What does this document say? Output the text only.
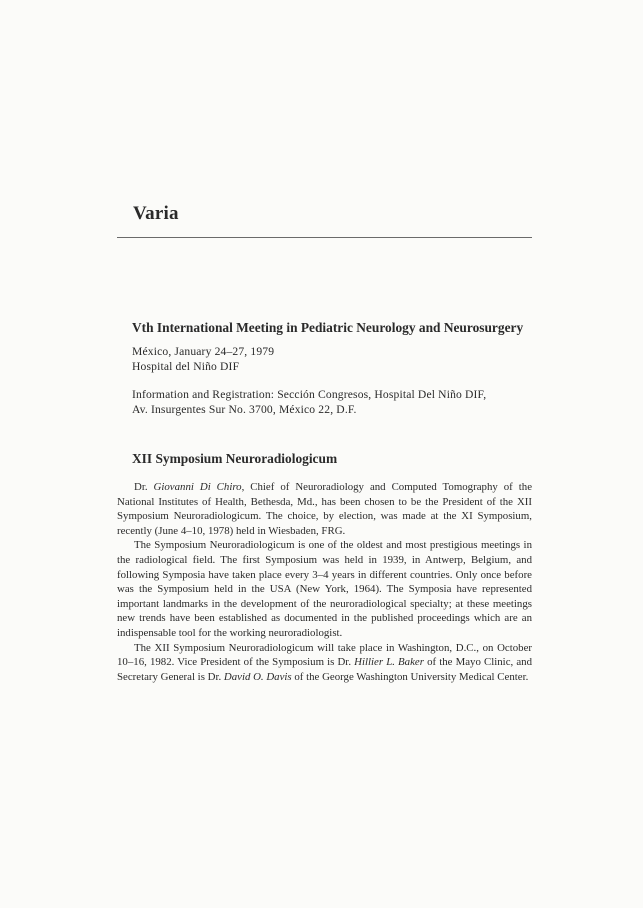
Varia
Vth International Meeting in Pediatric Neurology and Neurosurgery
México, January 24–27, 1979
Hospital del Niño DIF
Information and Registration: Sección Congresos, Hospital Del Niño DIF,
Av. Insurgentes Sur No. 3700, México 22, D.F.
XII Symposium Neuroradiologicum

Dr. Giovanni Di Chiro, Chief of Neuroradiology and Computed Tomography of the National Institutes of Health, Bethesda, Md., has been chosen to be the President of the XII Symposium Neuroradiologicum. The choice, by election, was made at the XI Symposium, recently (June 4–10, 1978) held in Wiesbaden, FRG.

The Symposium Neuroradiologicum is one of the oldest and most prestigious meetings in the radiological field. The first Symposium was held in 1939, in Antwerp, Belgium, and following Symposia have taken place every 3–4 years in different countries. Only once before was the Symposium held in the USA (New York, 1964). The Symposia have represented important landmarks in the development of the neuroradiological specialty; at these meetings new trends have been established as documented in the published proceedings which are an indispensable tool for the working neuroradiologist.

The XII Symposium Neuroradiologicum will take place in Washington, D.C., on October 10–16, 1982. Vice President of the Symposium is Dr. Hillier L. Baker of the Mayo Clinic, and Secretary General is Dr. David O. Davis of the George Washington University Medical Center.
